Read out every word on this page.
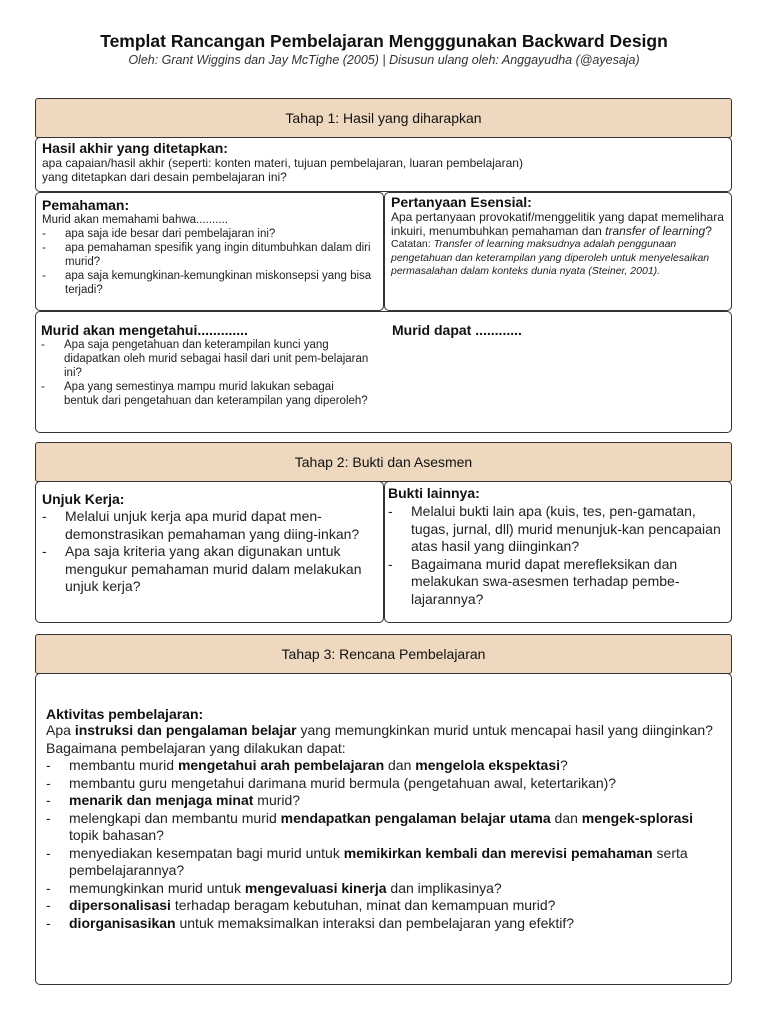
Templat Rancangan Pembelajaran Mengggunakan Backward Design
Oleh: Grant Wiggins dan Jay McTighe (2005) | Disusun ulang oleh: Anggayudha (@ayesaja)
Tahap 1: Hasil yang diharapkan
Hasil akhir yang ditetapkan:
apa capaian/hasil akhir (seperti: konten materi, tujuan pembelajaran, luaran pembelajaran)
yang ditetapkan dari desain pembelajaran ini?
Pemahaman:
Murid akan memahami bahwa..........
- apa saja ide besar dari pembelajaran ini?
- apa pemahaman spesifik yang ingin ditumbuhkan dalam diri murid?
- apa saja kemungkinan-kemungkinan miskonsepsi yang bisa terjadi?
Pertanyaan Esensial:
Apa pertanyaan provokatif/menggelitik yang dapat memelihara inkuiri, menumbuhkan pemahaman dan transfer of learning?
Catatan: Transfer of learning maksudnya adalah penggunaan pengetahuan dan keterampilan yang diperoleh untuk menyelesaikan permasalahan dalam konteks dunia nyata (Steiner, 2001).
Murid akan mengetahui.............
- Apa saja pengetahuan dan keterampilan kunci yang didapatkan oleh murid sebagai hasil dari unit pem-belajaran ini?
- Apa yang semestinya mampu murid lakukan sebagai bentuk dari pengetahuan dan keterampilan yang diperoleh?
Murid dapat ............
Tahap 2: Bukti dan Asesmen
Unjuk Kerja:
- Melalui unjuk kerja apa murid dapat men-demonstrasikan pemahaman yang diing-inkan?
- Apa saja kriteria yang akan digunakan untuk mengukur pemahaman murid dalam melakukan unjuk kerja?
Bukti lainnya:
- Melalui bukti lain apa (kuis, tes, pen-gamatan, tugas, jurnal, dll) murid menunjuk-kan pencapaian atas hasil yang diinginkan?
- Bagaimana murid dapat merefleksikan dan melakukan swa-asesmen terhadap pembe-lajarannya?
Tahap 3: Rencana Pembelajaran
Aktivitas pembelajaran:
Apa instruksi dan pengalaman belajar yang memungkinkan murid untuk mencapai hasil yang diinginkan?
Bagaimana pembelajaran yang dilakukan dapat:
- membantu murid mengetahui arah pembelajaran dan mengelola ekspektasi?
- membantu guru mengetahui darimana murid bermula (pengetahuan awal, ketertarikan)?
- menarik dan menjaga minat murid?
- melengkapi dan membantu murid mendapatkan pengalaman belajar utama dan mengek-splorasi topik bahasan?
- menyediakan kesempatan bagi murid untuk memikirkan kembali dan merevisi pemahaman serta pembelajarannya?
- memungkinkan murid untuk mengevaluasi kinerja dan implikasinya?
- dipersonalisasi terhadap beragam kebutuhan, minat dan kemampuan murid?
- diorganisasikan untuk memaksimalkan interaksi dan pembelajaran yang efektif?
